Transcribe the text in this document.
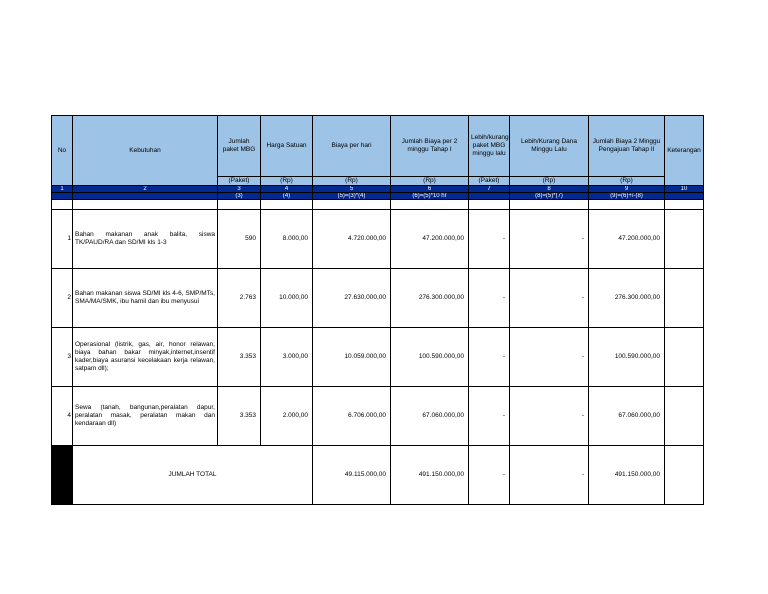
No	Kebutuhan	Jumlah paket MBG	Harga Satuan	Biaya per hari	Jumlah Biaya per 2 minggu Tahap I	Lebih/kurang paket MBG minggu lalu	Lebih/Kurang Dana Minggu Lalu	Jumlah Biaya 2 Minggu Pengajuan Tahap II	Keterangan
		(Paket)	(Rp)	(Rp)	(Rp)	(Paket)	(Rp)	(Rp)	
1	2	3	4	5	6	7	8	9	10
		(3)	(4)	(5)=(3)*(4)	(6)=(5)*10 hr		(8)=(5)*(7)	(9)=(6)+/-(8)	

1	Bahan makanan anak balita, siswa TK/PAUD/RA dan SD/MI kls 1-3	590	8.000,00	4.720.000,00	47.200.000,00	-	-	47.200.000,00	
2	Bahan makanan siswa SD/MI kls 4-6, SMP/MTs, SMA/MA/SMK, ibu hamil dan ibu menyusui	2.763	10.000,00	27.630.000,00	276.300.000,00	-	-	276.300.000,00	
3	Operasional (listrik, gas, air, honor relawan, biaya bahan bakar minyak,internet,insentif kader,biaya asuransi kecelakaan kerja relawan, satpam dll);	3.353	3.000,00	10.059.000,00	100.590.000,00	-	-	100.590.000,00	
4	Sewa (tanah, bangunan,peralatan dapur, peralatan masak, peralatan makan dan kendaraan dll)	3.353	2.000,00	6.706.000,00	67.060.000,00	-	-	67.060.000,00	
	JUMLAH TOTAL			49.115.000,00	491.150.000,00	-	-	491.150.000,00	
